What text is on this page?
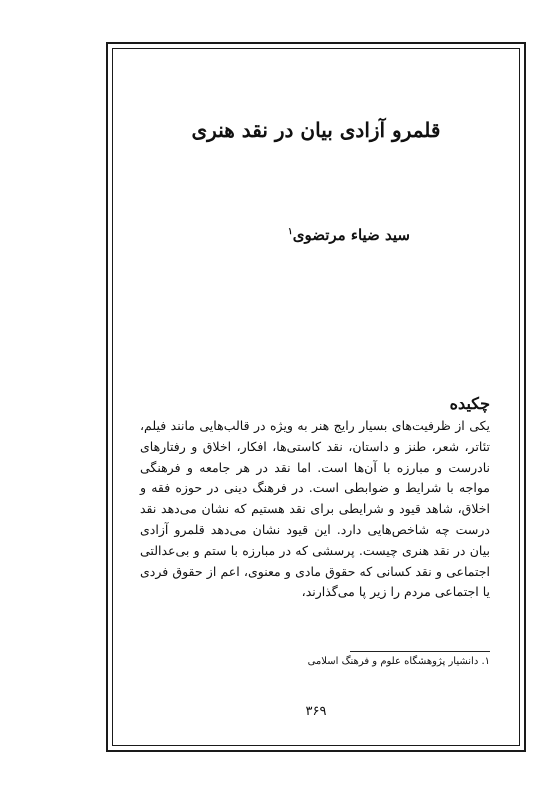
قلمرو آزادی بیان در نقد هنری
سید ضیاء مرتضوی$^۱$
چکیده

یکی از ظرفیت‌های بسیار رایج هنر به ویژه در قالب‌هایی مانند فیلم، تئاتر، شعر، طنز و داستان، نقد کاستی‌ها، افکار، اخلاق و رفتارهای نادرست و مبارزه با آن‌ها است. اما نقد در هر جامعه و فرهنگی مواجه با شرایط و ضوابطی است. در فرهنگ دینی در حوزه فقه و اخلاق، شاهد قیود و شرایطی برای نقد هستیم که نشان می‌دهد نقد درست چه شاخص‌هایی دارد. این قیود نشان می‌دهد قلمرو آزادی بیان در نقد هنری چیست. پرسشی که در مبارزه با ستم و بی‌عدالتی اجتماعی و نقد کسانی که حقوق مادی و معنوی، اعم از حقوق فردی یا اجتماعی مردم را زیر پا می‌گذارند،

۱. دانشیار پژوهشگاه علوم و فرهنگ اسلامی
۳۶۹
